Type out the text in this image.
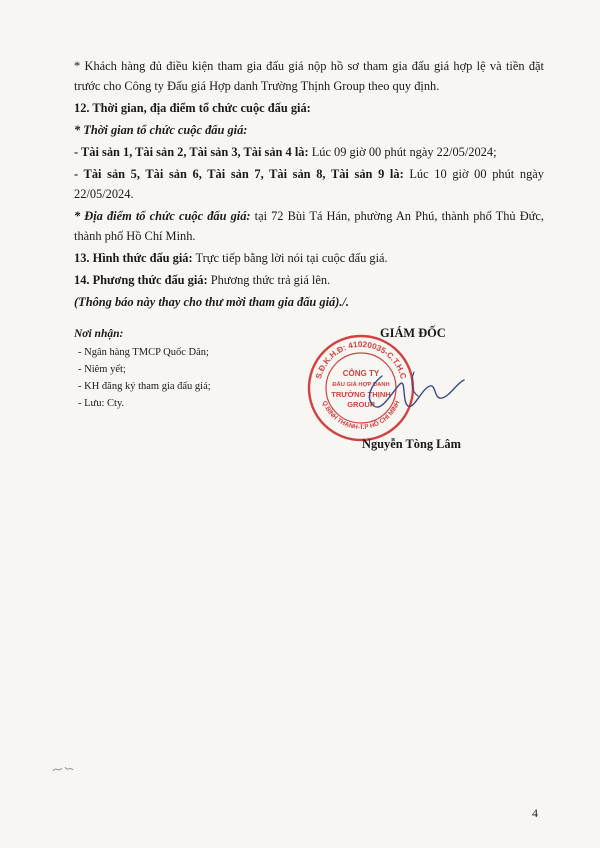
* Khách hàng đủ điều kiện tham gia đấu giá nộp hồ sơ tham gia đấu giá hợp lệ và tiền đặt trước cho Công ty Đấu giá Hợp danh Trường Thịnh Group theo quy định.

12. Thời gian, địa điểm tổ chức cuộc đấu giá:

* Thời gian tổ chức cuộc đấu giá:

- Tài sản 1, Tài sản 2, Tài sản 3, Tài sản 4 là: Lúc 09 giờ 00 phút ngày 22/05/2024;

- Tài sản 5, Tài sản 6, Tài sản 7, Tài sản 8, Tài sản 9 là: Lúc 10 giờ 00 phút ngày 22/05/2024.

* Địa điểm tổ chức cuộc đấu giá: tại 72 Bùi Tá Hán, phường An Phú, thành phố Thủ Đức, thành phố Hồ Chí Minh.

13. Hình thức đấu giá: Trực tiếp bằng lời nói tại cuộc đấu giá.

14. Phương thức đấu giá: Phương thức trả giá lên.

(Thông báo này thay cho thư mời tham gia đấu giá)./.

Nơi nhận:
- Ngân hàng TMCP Quốc Dân;
- Niêm yết;
- KH đăng ký tham gia đấu giá;
- Lưu: Cty.
GIÁM ĐỐC
S.Đ.K.H.Đ: 41020035-C.T.H.C
Q.BÌNH THẠNH-T.P HỒ CHÍ MINH
CÔNG TY
ĐẤU GIÁ HỢP DANH
TRƯỜNG THỊNH
GROUP
Nguyễn Tòng Lâm
4
